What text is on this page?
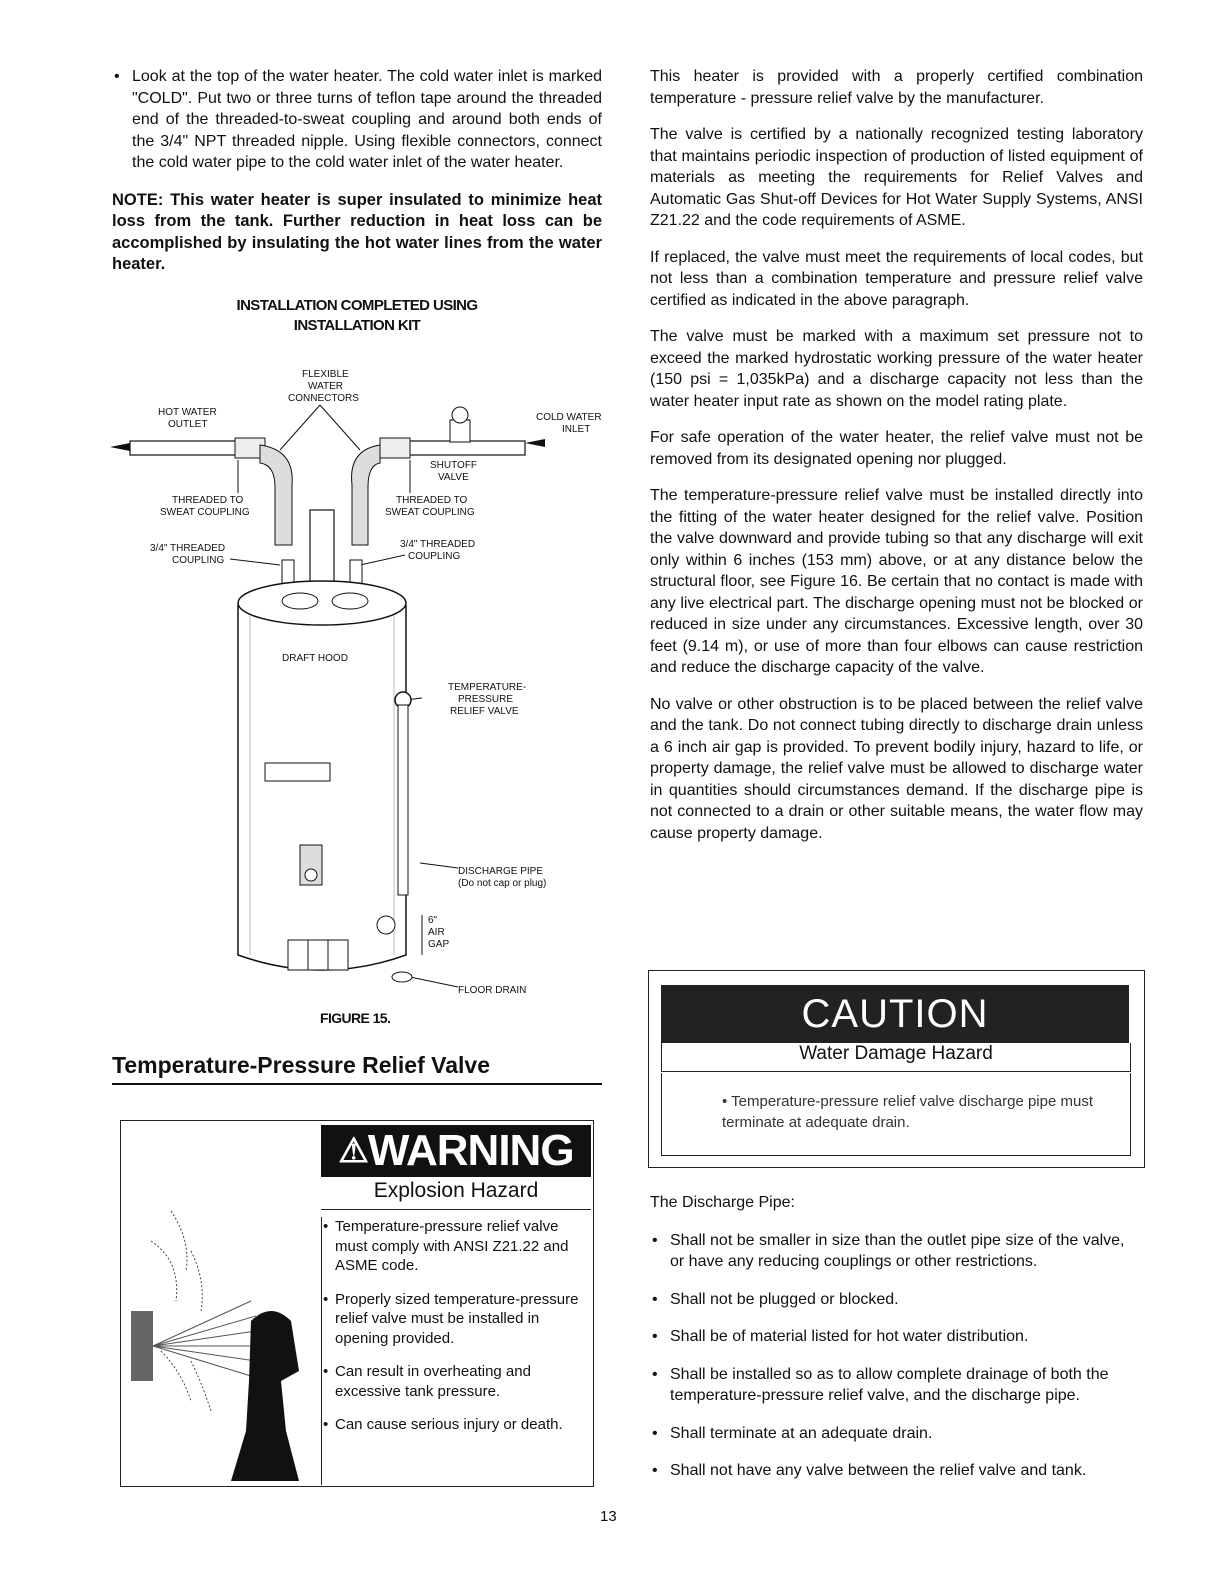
• Look at the top of the water heater. The cold water inlet is marked "COLD". Put two or three turns of teflon tape around the threaded end of the threaded-to-sweat coupling and around both ends of the 3/4" NPT threaded nipple. Using flexible connectors, connect the cold water pipe to the cold water inlet of the water heater.

NOTE: This water heater is super insulated to minimize heat loss from the tank. Further reduction in heat loss can be accomplished by insulating the hot water lines from the water heater.

INSTALLATION COMPLETED USING
INSTALLATION KIT
FLEXIBLE
WATER
CONNECTORS
HOT WATER
OUTLET
COLD WATER
INLET
SHUTOFF
VALVE
THREADED TO
SWEAT COUPLING
THREADED TO
SWEAT COUPLING
3/4" THREADED
COUPLING
3/4" THREADED
COUPLING
DRAFT HOOD
TEMPERATURE-
PRESSURE
RELIEF VALVE
DISCHARGE PIPE
(Do not cap or plug)
6"
AIR
GAP
FLOOR DRAIN
FIGURE 15.
Temperature-Pressure Relief Valve
⚠WARNING
Explosion Hazard

• Temperature-pressure relief valve must comply with ANSI Z21.22 and ASME code.

• Properly sized temperature-pressure relief valve must be installed in opening provided.

• Can result in overheating and excessive tank pressure.

• Can cause serious injury or death.

This heater is provided with a properly certified combination temperature - pressure relief valve by the manufacturer.

The valve is certified by a nationally recognized testing laboratory that maintains periodic inspection of production of listed equipment of materials as meeting the requirements for Relief Valves and Automatic Gas Shut-off Devices for Hot Water Supply Systems, ANSI Z21.22 and the code requirements of ASME.

If replaced, the valve must meet the requirements of local codes, but not less than a combination temperature and pressure relief valve certified as indicated in the above paragraph.

The valve must be marked with a maximum set pressure not to exceed the marked hydrostatic working pressure of the water heater (150 psi = 1,035kPa) and a discharge capacity not less than the water heater input rate as shown on the model rating plate.

For safe operation of the water heater, the relief valve must not be removed from its designated opening nor plugged.

The temperature-pressure relief valve must be installed directly into the fitting of the water heater designed for the relief valve. Position the valve downward and provide tubing so that any discharge will exit only within 6 inches (153 mm) above, or at any distance below the structural floor, see Figure 16. Be certain that no contact is made with any live electrical part. The discharge opening must not be blocked or reduced in size under any circumstances. Excessive length, over 30 feet (9.14 m), or use of more than four elbows can cause restriction and reduce the discharge capacity of the valve.

No valve or other obstruction is to be placed between the relief valve and the tank. Do not connect tubing directly to discharge drain unless a 6 inch air gap is provided. To prevent bodily injury, hazard to life, or property damage, the relief valve must be allowed to discharge water in quantities should circumstances demand. If the discharge pipe is not connected to a drain or other suitable means, the water flow may cause property damage.

CAUTION
Water Damage Hazard

• Temperature-pressure relief valve discharge pipe must terminate at adequate drain.

The Discharge Pipe:

• Shall not be smaller in size than the outlet pipe size of the valve, or have any reducing couplings or other restrictions.

• Shall not be plugged or blocked.

• Shall be of material listed for hot water distribution.

• Shall be installed so as to allow complete drainage of both the temperature-pressure relief valve, and the discharge pipe.

• Shall terminate at an adequate drain.

• Shall not have any valve between the relief valve and tank.

13
